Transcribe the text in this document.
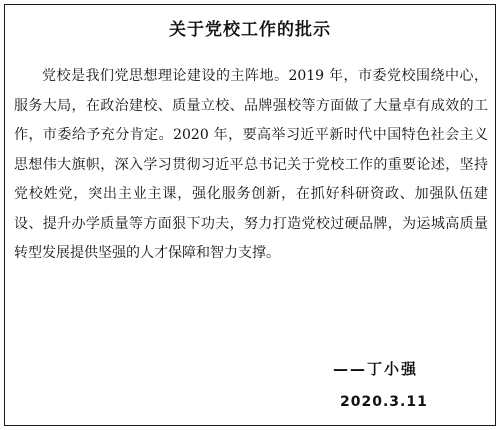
关于党校工作的批示

党校是我们党思想理论建设的主阵地。2019 年，市委党校围绕中心，服务大局，在政治建校、质量立校、品牌强校等方面做了大量卓有成效的工作，市委给予充分肯定。2020 年，要高举习近平新时代中国特色社会主义思想伟大旗帜，深入学习贯彻习近平总书记关于党校工作的重要论述，坚持党校姓党，突出主业主课，强化服务创新，在抓好科研资政、加强队伍建设、提升办学质量等方面狠下功夫，努力打造党校过硬品牌，为运城高质量转型发展提供坚强的人才保障和智力支撑。

——丁小强
2020.3.11
